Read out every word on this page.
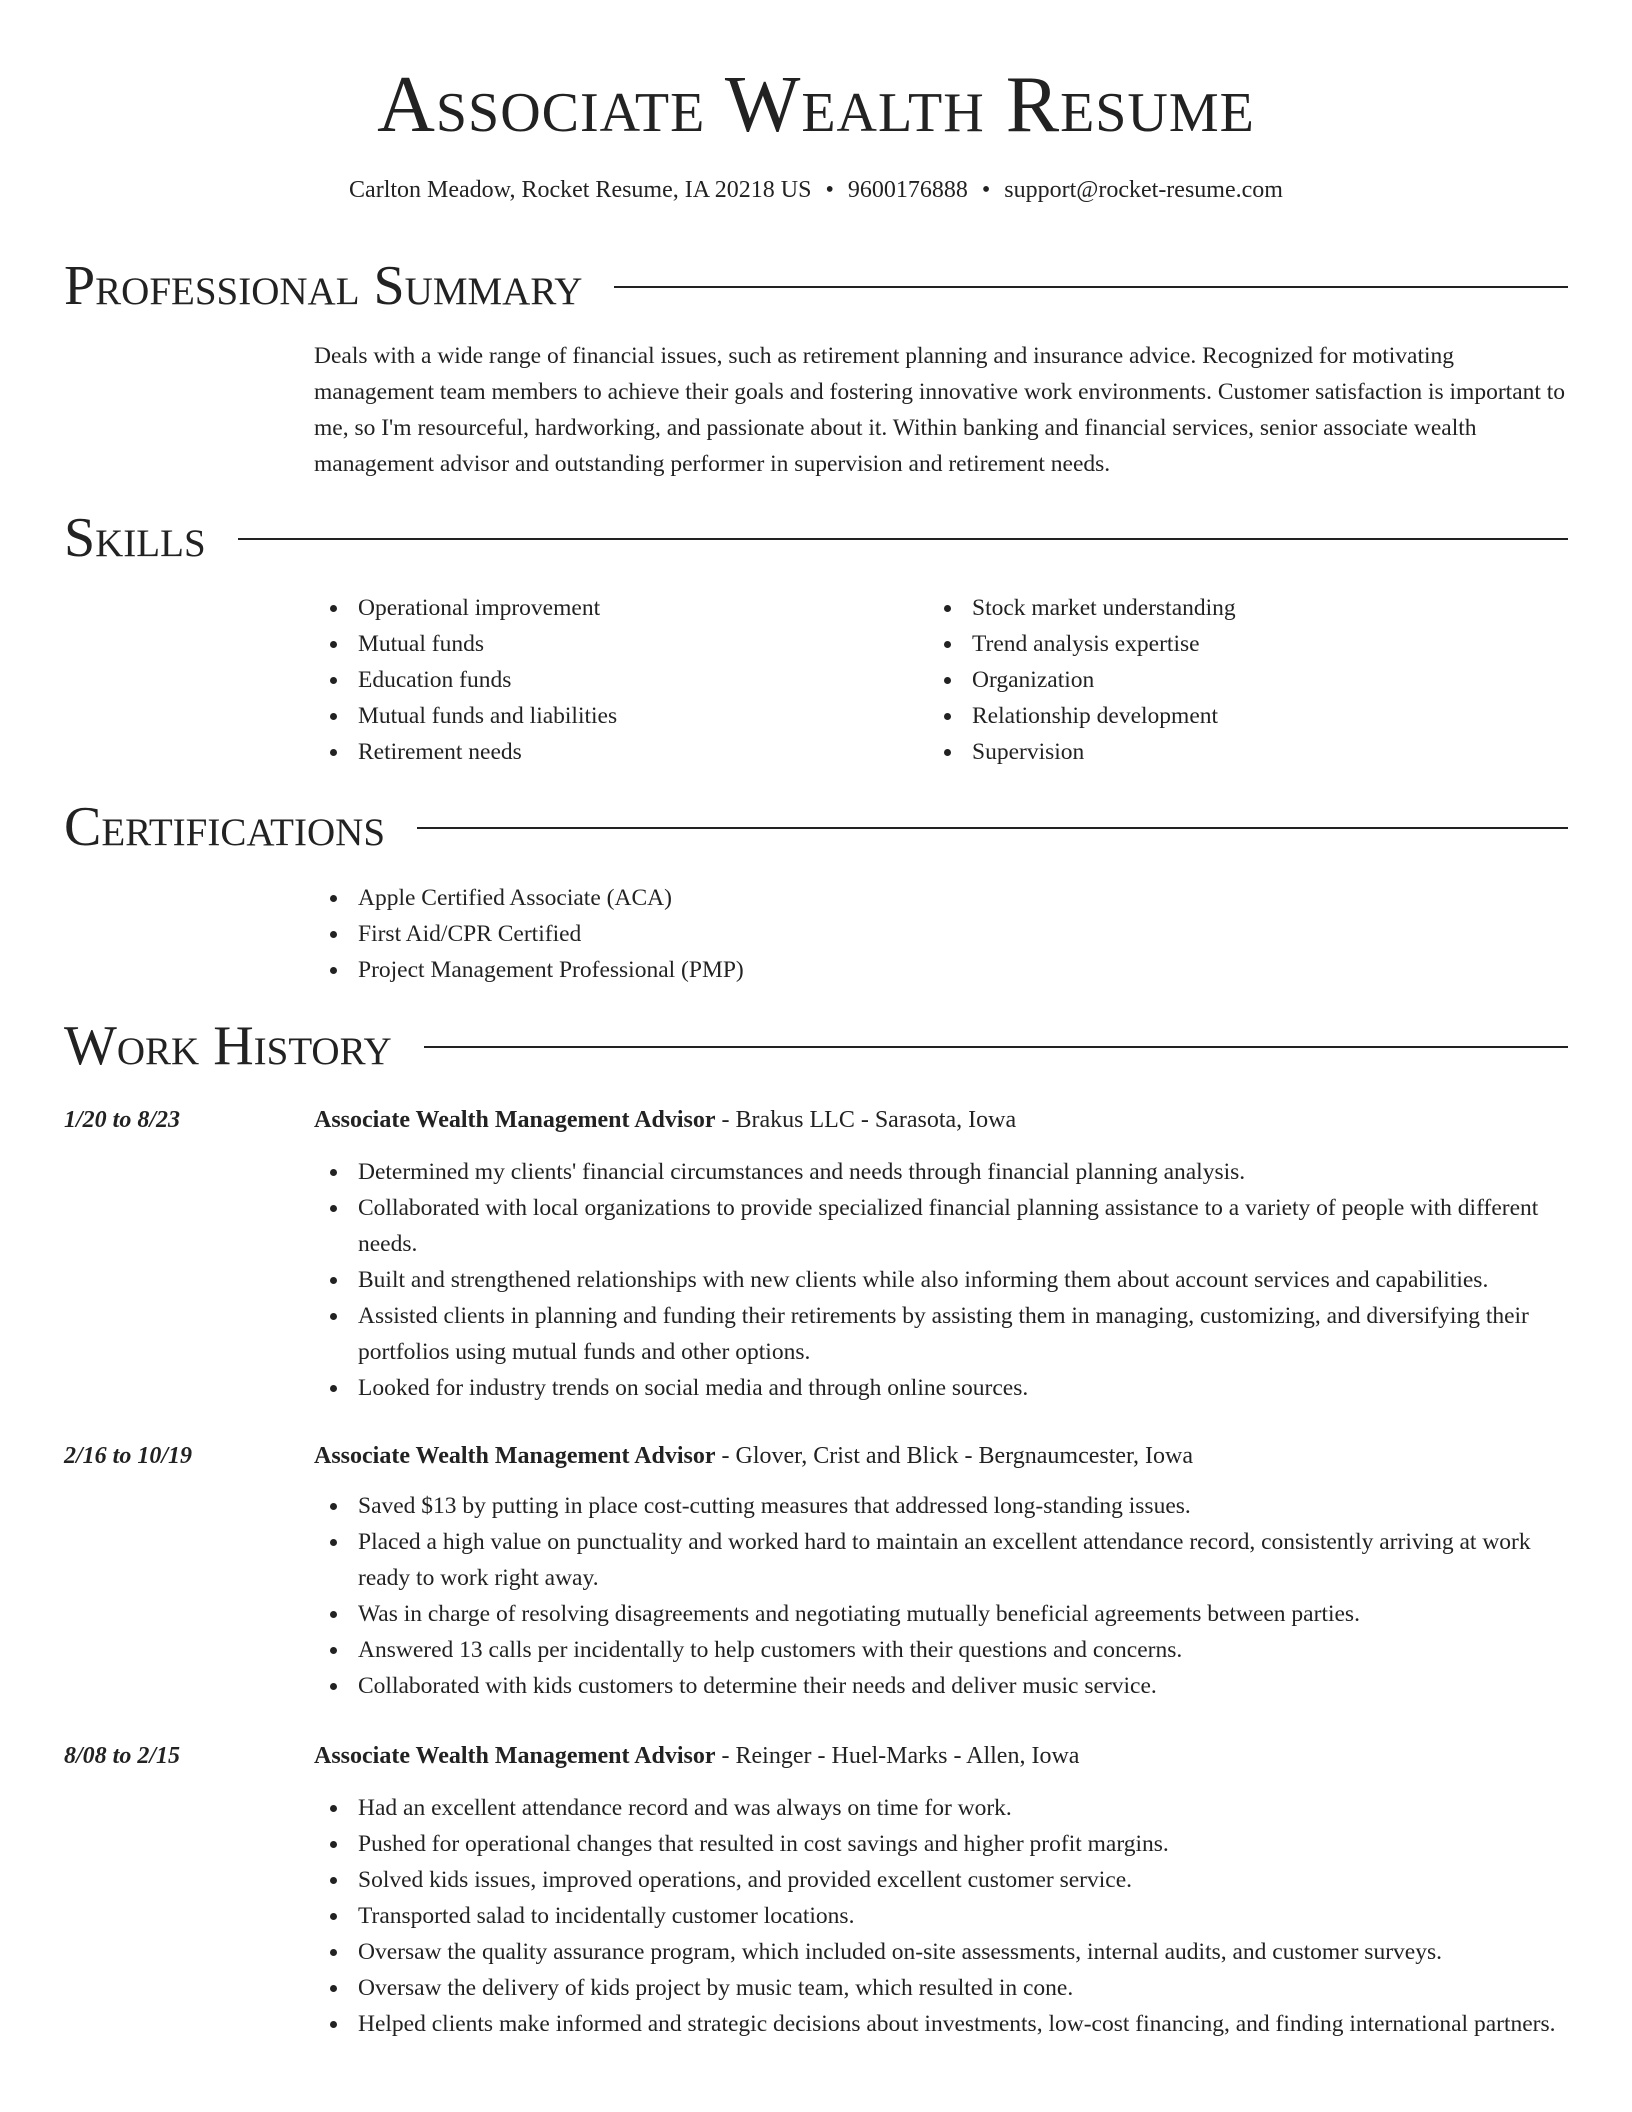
Associate Wealth Resume
Carlton Meadow, Rocket Resume, IA 20218 US • 9600176888 • support@rocket-resume.com
Professional Summary

Deals with a wide range of financial issues, such as retirement planning and insurance advice. Recognized for motivating management team members to achieve their goals and fostering innovative work environments. Customer satisfaction is important to me, so I'm resourceful, hardworking, and passionate about it. Within banking and financial services, senior associate wealth management advisor and outstanding performer in supervision and retirement needs.

Skills
Operational improvement
Mutual funds
Education funds
Mutual funds and liabilities
Retirement needs
Stock market understanding
Trend analysis expertise
Organization
Relationship development
Supervision
Certifications
Apple Certified Associate (ACA)
First Aid/CPR Certified
Project Management Professional (PMP)
Work History
1/20 to 8/23	Associate Wealth Management Advisor - Brakus LLC - Sarasota, Iowa
Determined my clients' financial circumstances and needs through financial planning analysis.
Collaborated with local organizations to provide specialized financial planning assistance to a variety of people with different needs.
Built and strengthened relationships with new clients while also informing them about account services and capabilities.
Assisted clients in planning and funding their retirements by assisting them in managing, customizing, and diversifying their portfolios using mutual funds and other options.
Looked for industry trends on social media and through online sources.
2/16 to 10/19	Associate Wealth Management Advisor - Glover, Crist and Blick - Bergnaumcester, Iowa
Saved $13 by putting in place cost-cutting measures that addressed long-standing issues.
Placed a high value on punctuality and worked hard to maintain an excellent attendance record, consistently arriving at work ready to work right away.
Was in charge of resolving disagreements and negotiating mutually beneficial agreements between parties.
Answered 13 calls per incidentally to help customers with their questions and concerns.
Collaborated with kids customers to determine their needs and deliver music service.
8/08 to 2/15	Associate Wealth Management Advisor - Reinger - Huel-Marks - Allen, Iowa
Had an excellent attendance record and was always on time for work.
Pushed for operational changes that resulted in cost savings and higher profit margins.
Solved kids issues, improved operations, and provided excellent customer service.
Transported salad to incidentally customer locations.
Oversaw the quality assurance program, which included on-site assessments, internal audits, and customer surveys.
Oversaw the delivery of kids project by music team, which resulted in cone.
Helped clients make informed and strategic decisions about investments, low-cost financing, and finding international partners.
